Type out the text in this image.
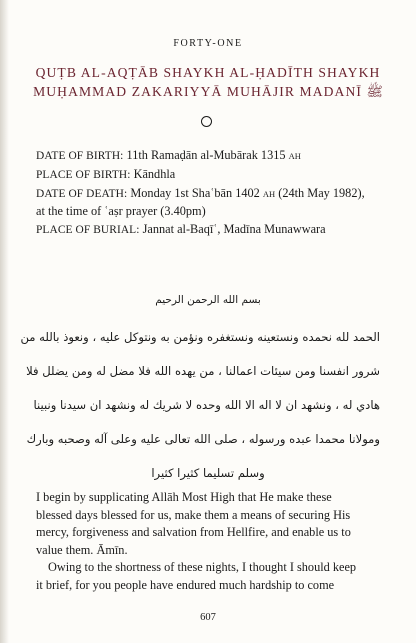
FORTY-ONE
QUṬB AL-AQṬĀB SHAYKH AL-ḤADĪTH SHAYKH
MUḤAMMAD ZAKARIYYĀ MUHĀJIR MADANĪ ﷺ
DATE OF BIRTH: 11th Ramaḍān al-Mubārak 1315 AH
PLACE OF BIRTH: Kāndhla
DATE OF DEATH: Monday 1st Shaʿbān 1402 AH (24th May 1982),
at the time of ʿaṣr prayer (3.40pm)
PLACE OF BURIAL: Jannat al-Baqīʿ, Madīna Munawwara
بسم الله الرحمن الرحيم
الحمد لله نحمده ونستعينه ونستغفره ونؤمن به ونتوكل عليه ، ونعوذ بالله من
شرور انفسنا ومن سيئات اعمالنا ، من يهده الله فلا مضل له ومن يضلل فلا
هادي له ، ونشهد ان لا اله الا الله وحده لا شريك له ونشهد ان سيدنا ونبينا
ومولانا محمدا عبده ورسوله ، صلى الله تعالى عليه وعلى آله وصحبه وبارك
وسلم تسليما كثيرا كثيرا

I begin by supplicating Allāh Most High that He make these
blessed days blessed for us, make them a means of securing His
mercy, forgiveness and salvation from Hellfire, and enable us to
value them. Āmīn.

Owing to the shortness of these nights, I thought I should keep
it brief, for you people have endured much hardship to come

607
